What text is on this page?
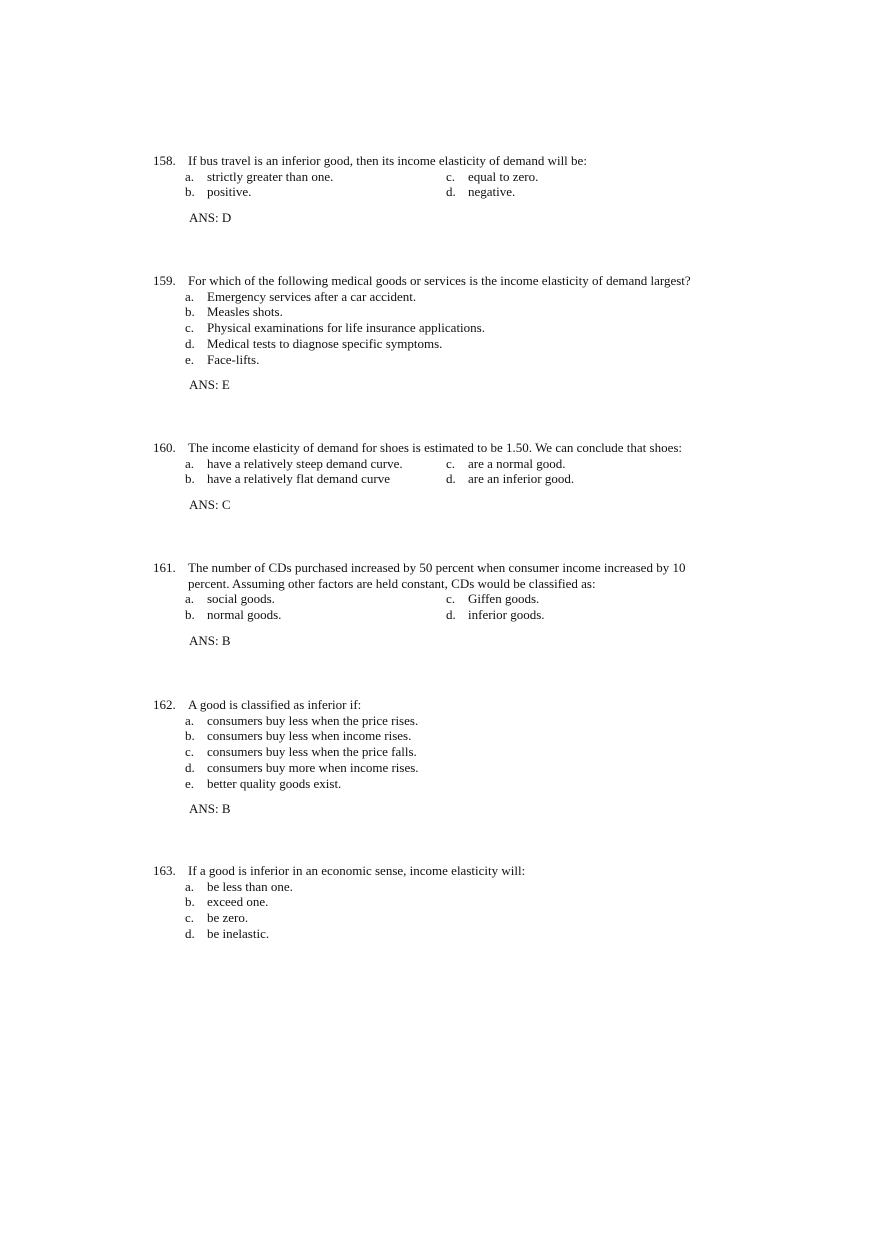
158. If bus travel is an inferior good, then its income elasticity of demand will be:
a. strictly greater than one.
b. positive.
c. equal to zero.
d. negative.
ANS: D
159. For which of the following medical goods or services is the income elasticity of demand largest?
a. Emergency services after a car accident.
b. Measles shots.
c. Physical examinations for life insurance applications.
d. Medical tests to diagnose specific symptoms.
e. Face-lifts.
ANS: E
160. The income elasticity of demand for shoes is estimated to be 1.50. We can conclude that shoes:
a. have a relatively steep demand curve.
b. have a relatively flat demand curve
c. are a normal good.
d. are an inferior good.
ANS: C
161. The number of CDs purchased increased by 50 percent when consumer income increased by 10
percent. Assuming other factors are held constant, CDs would be classified as:
a. social goods.
b. normal goods.
c. Giffen goods.
d. inferior goods.
ANS: B
162. A good is classified as inferior if:
a. consumers buy less when the price rises.
b. consumers buy less when income rises.
c. consumers buy less when the price falls.
d. consumers buy more when income rises.
e. better quality goods exist.
ANS: B
163. If a good is inferior in an economic sense, income elasticity will:
a. be less than one.
b. exceed one.
c. be zero.
d. be inelastic.
